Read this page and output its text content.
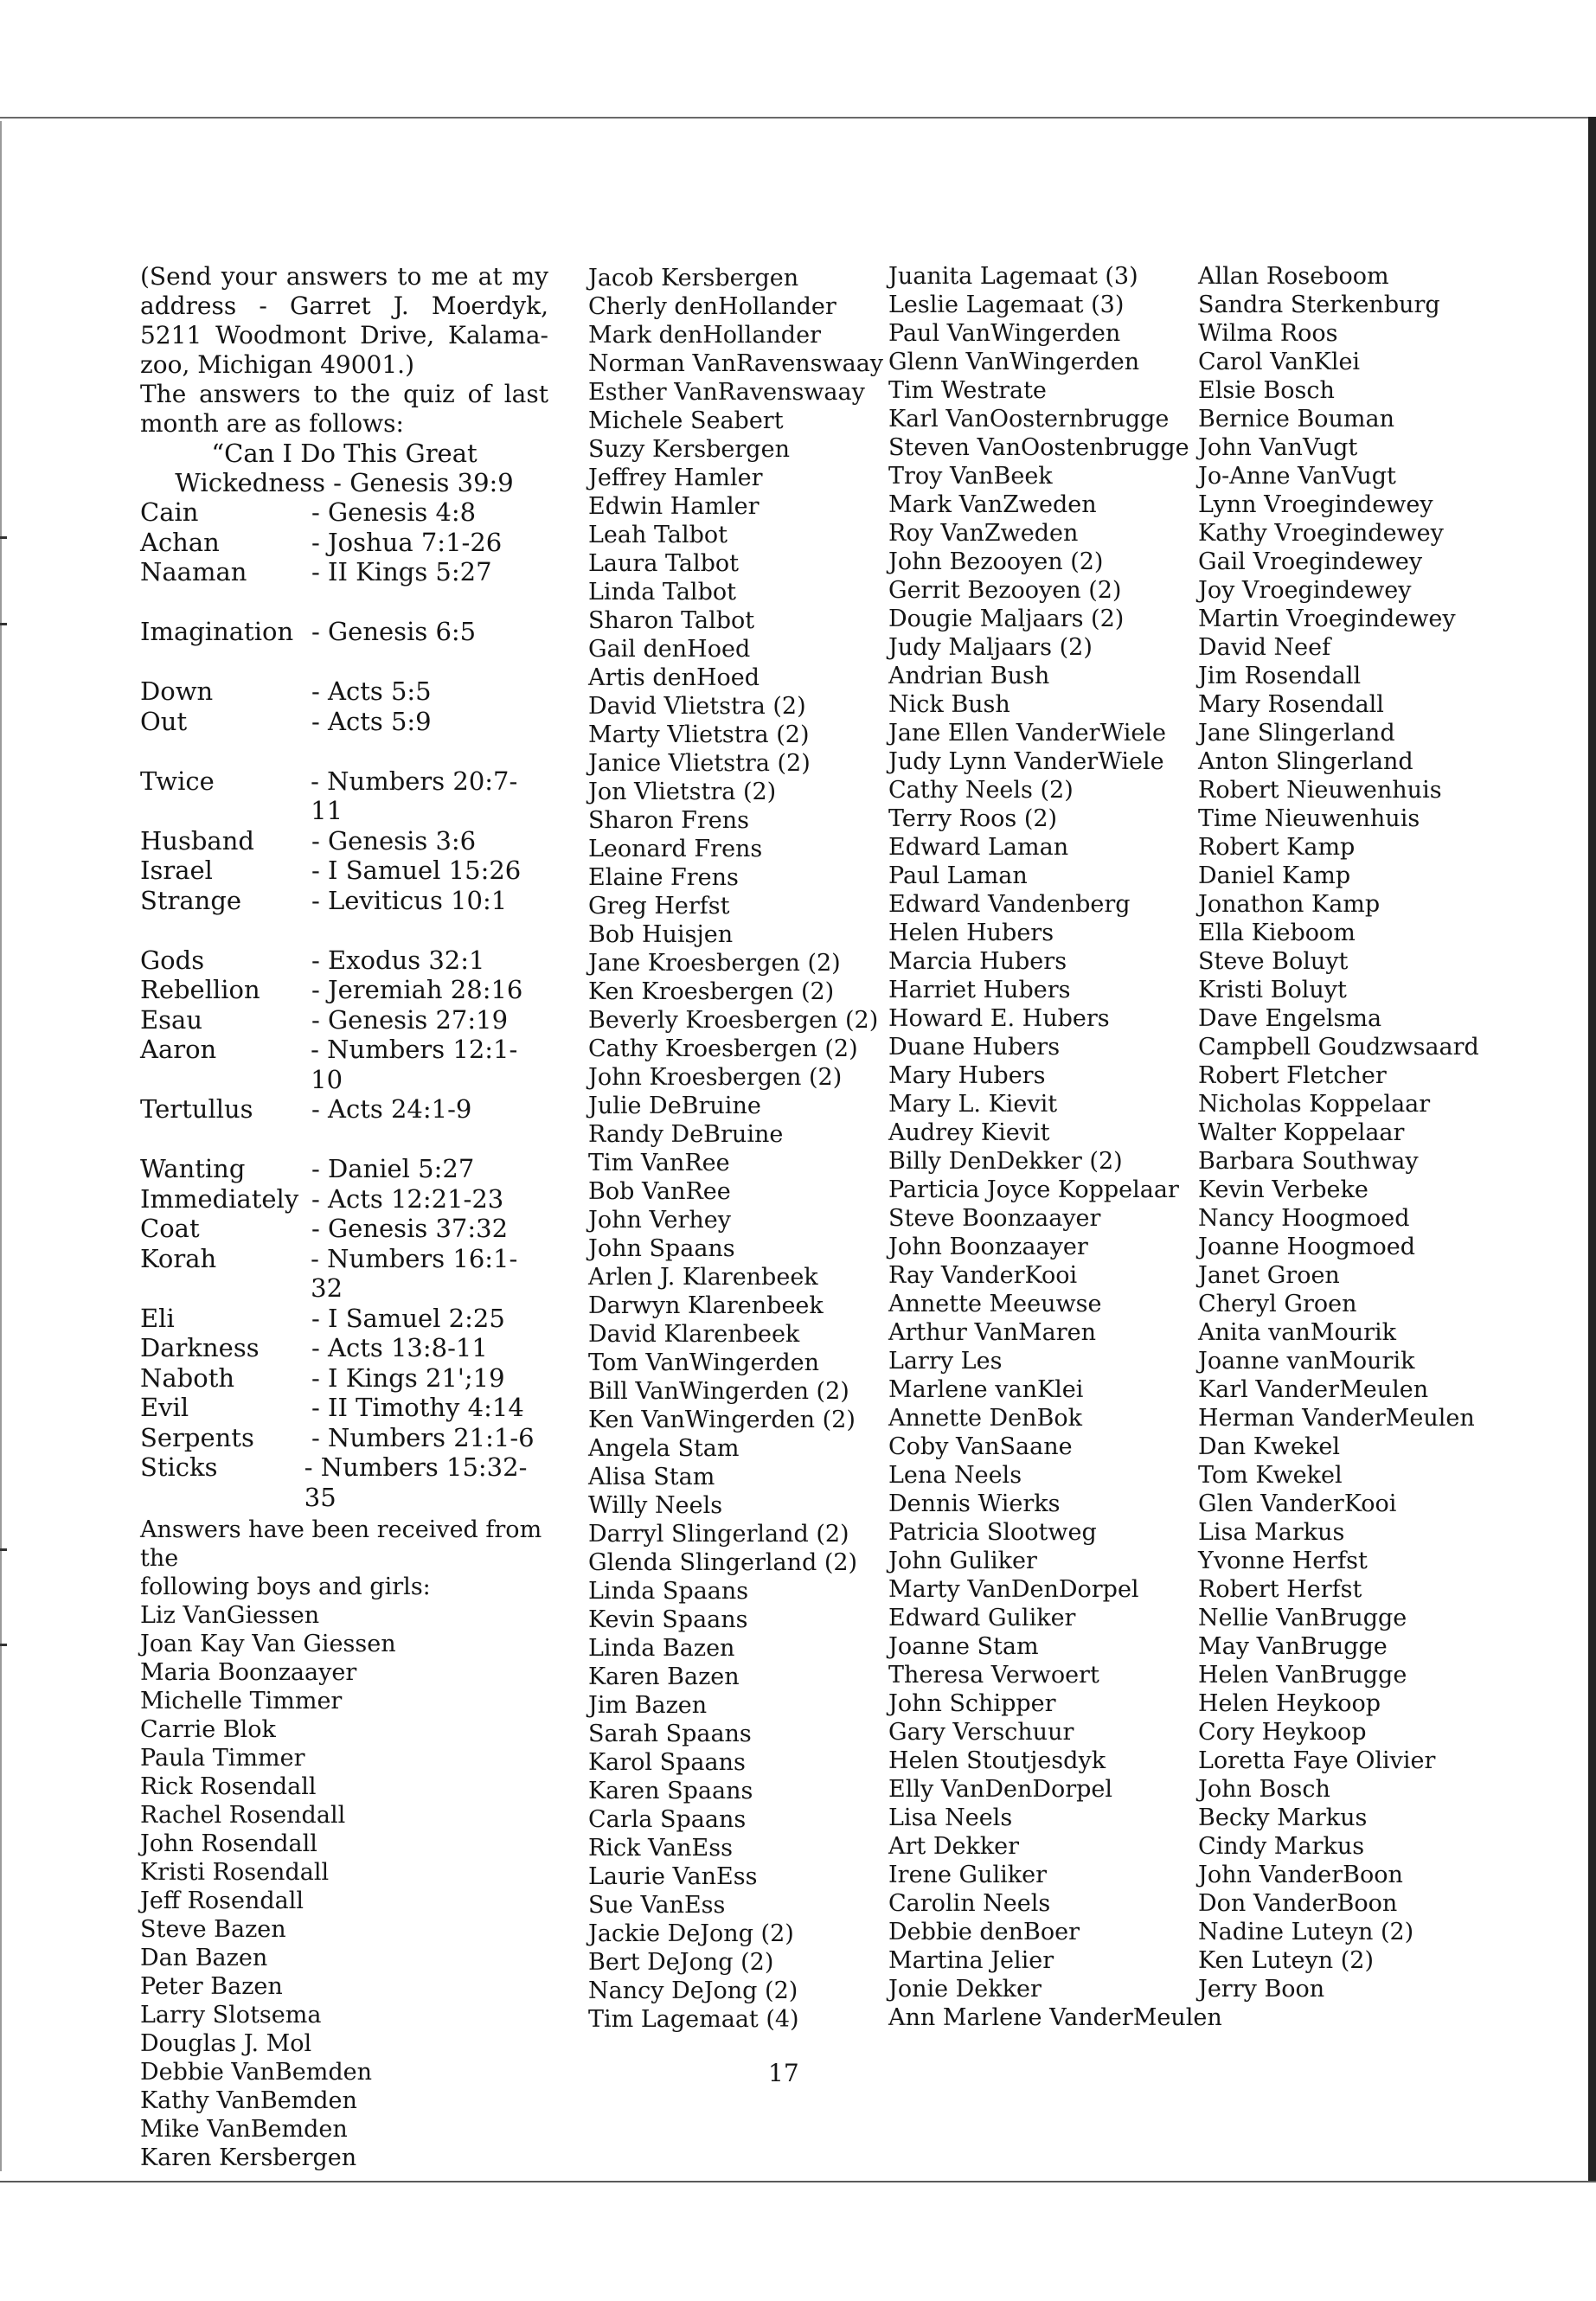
(Send your answers to me at my
address - Garret J. Moerdyk,
5211 Woodmont Drive, Kalama-
zoo, Michigan 49001.)
The answers to the quiz of last
month are as follows:
“Can I Do This Great
Wickedness - Genesis 39:9
Cain	- Genesis 4:8
Achan	- Joshua 7:1-26
Naaman	- II Kings 5:27
Imagination - Genesis 6:5
Down	- Acts 5:5
Out	- Acts 5:9
Twice	- Numbers 20:7-11
Husband	- Genesis 3:6
Israel	- I Samuel 15:26
Strange	- Leviticus 10:1
Gods	- Exodus 32:1
Rebellion	- Jeremiah 28:16
Esau	- Genesis 27:19
Aaron	- Numbers 12:1-10
Tertullus	- Acts 24:1-9
Wanting	- Daniel 5:27
Immediately - Acts 12:21-23
Coat	- Genesis 37:32
Korah	- Numbers 16:1-32
Eli	- I Samuel 2:25
Darkness	- Acts 13:8-11
Naboth	- I Kings 21';19
Evil	- II Timothy 4:14
Serpents	- Numbers 21:1-6
Sticks	- Numbers 15:32-35
Answers have been received from the
following boys and girls:
Liz VanGiessen
Joan Kay Van Giessen
Maria Boonzaayer
Michelle Timmer
Carrie Blok
Paula Timmer
Rick Rosendall
Rachel Rosendall
John Rosendall
Kristi Rosendall
Jeff Rosendall
Steve Bazen
Dan Bazen
Peter Bazen
Larry Slotsema
Douglas J. Mol
Debbie VanBemden
Kathy VanBemden
Mike VanBemden
Karen Kersbergen
Jacob Kersbergen
Cherly denHollander
Mark denHollander
Norman VanRavenswaay
Esther VanRavenswaay
Michele Seabert
Suzy Kersbergen
Jeffrey Hamler
Edwin Hamler
Leah Talbot
Laura Talbot
Linda Talbot
Sharon Talbot
Gail denHoed
Artis denHoed
David Vlietstra (2)
Marty Vlietstra (2)
Janice Vlietstra (2)
Jon Vlietstra (2)
Sharon Frens
Leonard Frens
Elaine Frens
Greg Herfst
Bob Huisjen
Jane Kroesbergen (2)
Ken Kroesbergen (2)
Beverly Kroesbergen (2)
Cathy Kroesbergen (2)
John Kroesbergen (2)
Julie DeBruine
Randy DeBruine
Tim VanRee
Bob VanRee
John Verhey
John Spaans
Arlen J. Klarenbeek
Darwyn Klarenbeek
David Klarenbeek
Tom VanWingerden
Bill VanWingerden (2)
Ken VanWingerden (2)
Angela Stam
Alisa Stam
Willy Neels
Darryl Slingerland (2)
Glenda Slingerland (2)
Linda Spaans
Kevin Spaans
Linda Bazen
Karen Bazen
Jim Bazen
Sarah Spaans
Karol Spaans
Karen Spaans
Carla Spaans
Rick VanEss
Laurie VanEss
Sue VanEss
Jackie DeJong (2)
Bert DeJong (2)
Nancy DeJong (2)
Tim Lagemaat (4)
Juanita Lagemaat (3)
Leslie Lagemaat (3)
Paul VanWingerden
Glenn VanWingerden
Tim Westrate
Karl VanOosternbrugge
Steven VanOostenbrugge
Troy VanBeek
Mark VanZweden
Roy VanZweden
John Bezooyen (2)
Gerrit Bezooyen (2)
Dougie Maljaars (2)
Judy Maljaars (2)
Andrian Bush
Nick Bush
Jane Ellen VanderWiele
Judy Lynn VanderWiele
Cathy Neels (2)
Terry Roos (2)
Edward Laman
Paul Laman
Edward Vandenberg
Helen Hubers
Marcia Hubers
Harriet Hubers
Howard E. Hubers
Duane Hubers
Mary Hubers
Mary L. Kievit
Audrey Kievit
Billy DenDekker (2)
Particia Joyce Koppelaar
Steve Boonzaayer
John Boonzaayer
Ray VanderKooi
Annette Meeuwse
Arthur VanMaren
Larry Les
Marlene vanKlei
Annette DenBok
Coby VanSaane
Lena Neels
Dennis Wierks
Patricia Slootweg
John Guliker
Marty VanDenDorpel
Edward Guliker
Joanne Stam
Theresa Verwoert
John Schipper
Gary Verschuur
Helen Stoutjesdyk
Elly VanDenDorpel
Lisa Neels
Art Dekker
Irene Guliker
Carolin Neels
Debbie denBoer
Martina Jelier
Jonie Dekker
Ann Marlene VanderMeulen
Allan Roseboom
Sandra Sterkenburg
Wilma Roos
Carol VanKlei
Elsie Bosch
Bernice Bouman
John VanVugt
Jo-Anne VanVugt
Lynn Vroegindewey
Kathy Vroegindewey
Gail Vroegindewey
Joy Vroegindewey
Martin Vroegindewey
David Neef
Jim Rosendall
Mary Rosendall
Jane Slingerland
Anton Slingerland
Robert Nieuwenhuis
Time Nieuwenhuis
Robert Kamp
Daniel Kamp
Jonathon Kamp
Ella Kieboom
Steve Boluyt
Kristi Boluyt
Dave Engelsma
Campbell Goudzwsaard
Robert Fletcher
Nicholas Koppelaar
Walter Koppelaar
Barbara Southway
Kevin Verbeke
Nancy Hoogmoed
Joanne Hoogmoed
Janet Groen
Cheryl Groen
Anita vanMourik
Joanne vanMourik
Karl VanderMeulen
Herman VanderMeulen
Dan Kwekel
Tom Kwekel
Glen VanderKooi
Lisa Markus
Yvonne Herfst
Robert Herfst
Nellie VanBrugge
May VanBrugge
Helen VanBrugge
Helen Heykoop
Cory Heykoop
Loretta Faye Olivier
John Bosch
Becky Markus
Cindy Markus
John VanderBoon
Don VanderBoon
Nadine Luteyn (2)
Ken Luteyn (2)
Jerry Boon
17
